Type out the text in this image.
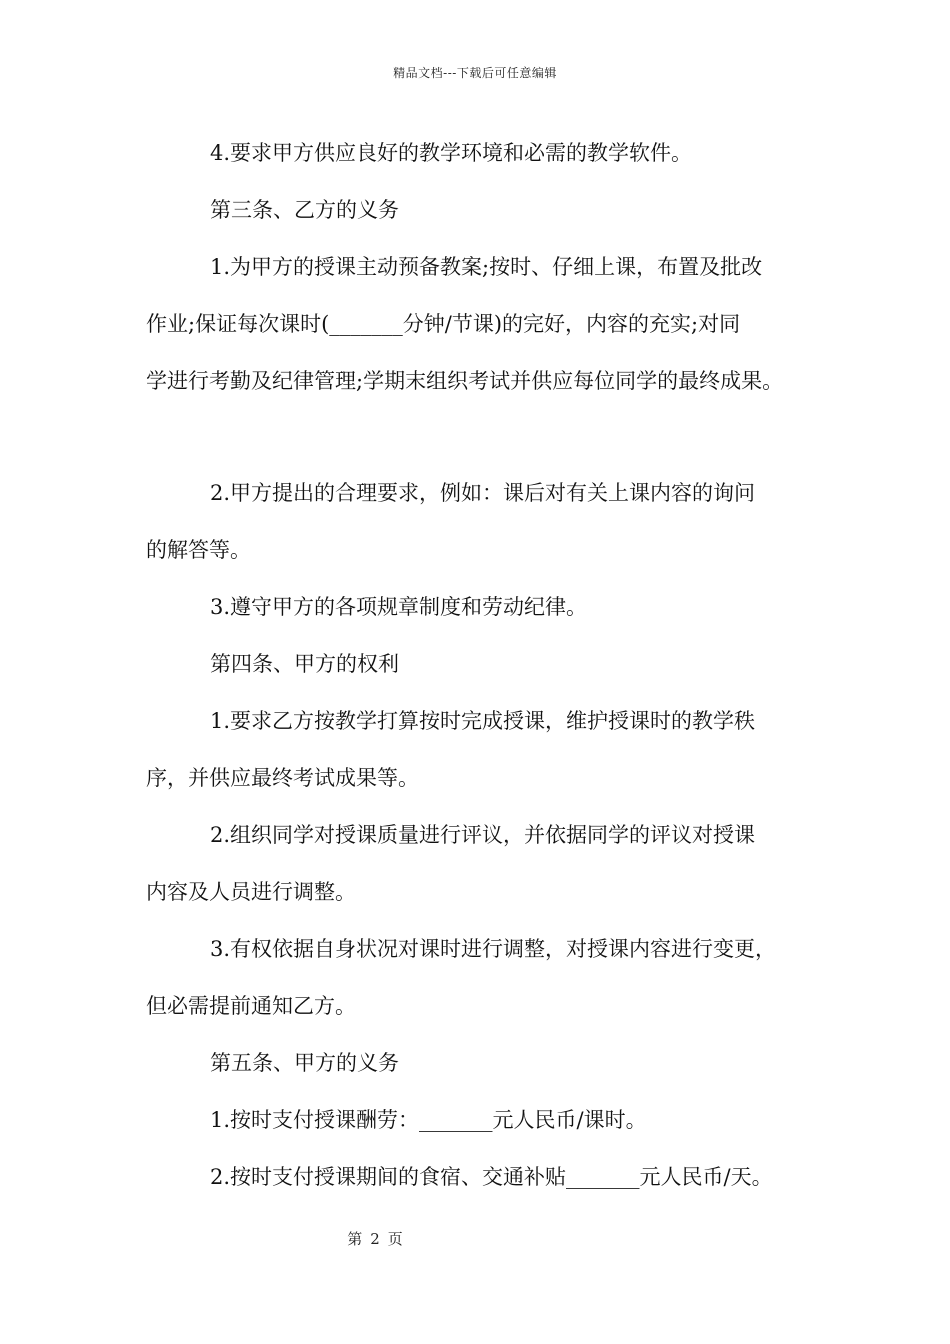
精品文档---下载后可任意编辑
4.要求甲方供应良好的教学环境和必需的教学软件。
第三条、乙方的义务
1.为甲方的授课主动预备教案;按时、仔细上课，布置及批改
作业;保证每次课时(_______分钟/节课)的完好，内容的充实;对同
学进行考勤及纪律管理;学期末组织考试并供应每位同学的最终成果。
2.甲方提出的合理要求，例如：课后对有关上课内容的询问
的解答等。
3.遵守甲方的各项规章制度和劳动纪律。
第四条、甲方的权利
1.要求乙方按教学打算按时完成授课，维护授课时的教学秩
序，并供应最终考试成果等。
2.组织同学对授课质量进行评议，并依据同学的评议对授课
内容及人员进行调整。
3.有权依据自身状况对课时进行调整，对授课内容进行变更，
但必需提前通知乙方。
第五条、甲方的义务
1.按时支付授课酬劳：_______元人民币/课时。
2.按时支付授课期间的食宿、交通补贴_______元人民币/天。
第 2 页
